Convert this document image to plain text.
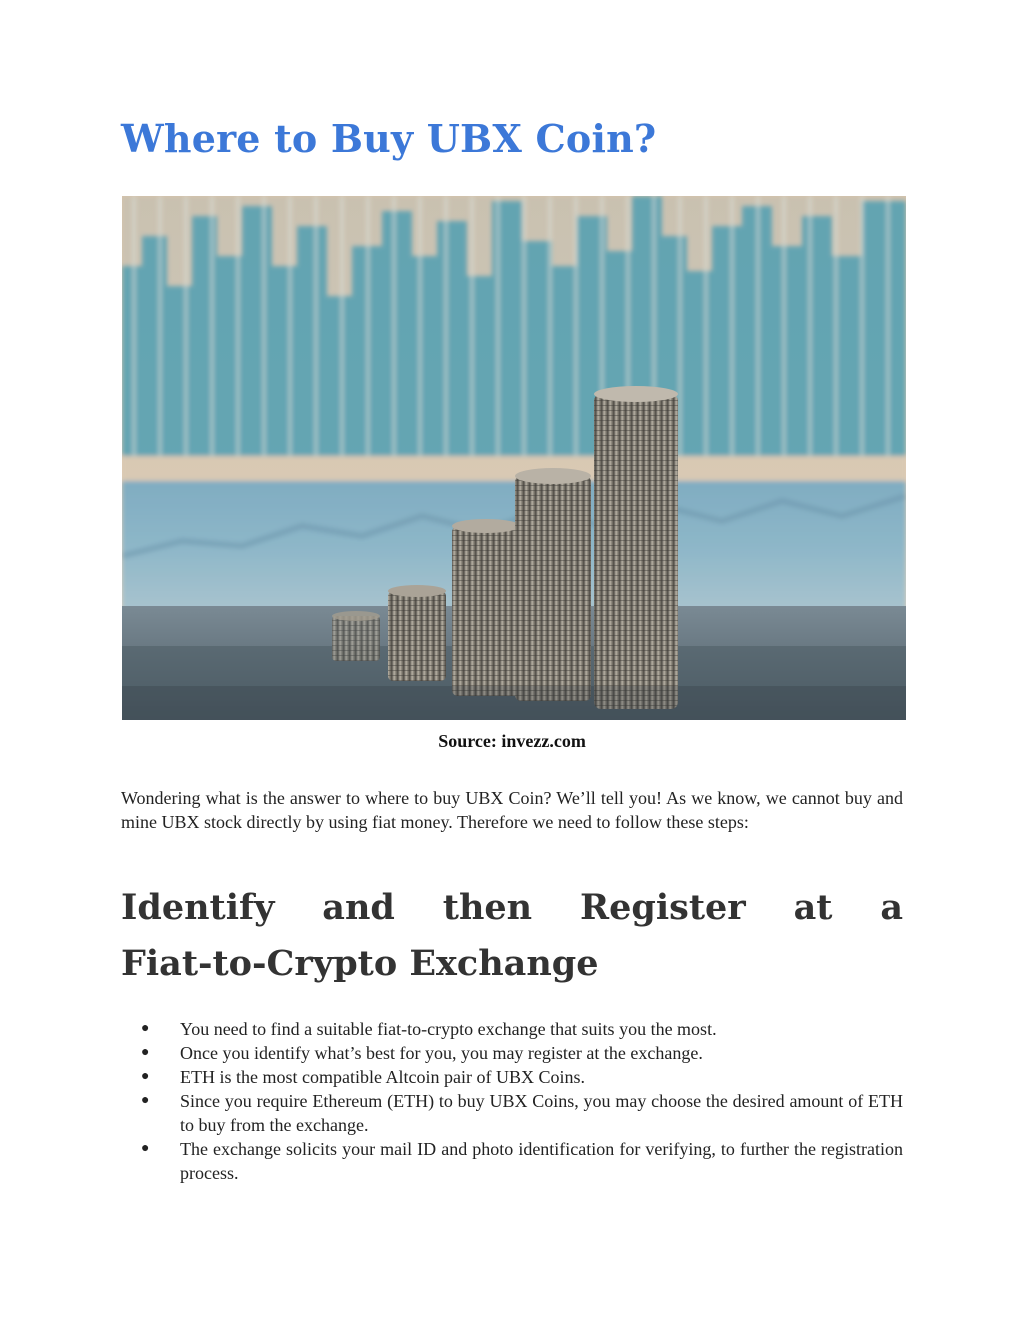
Where to Buy UBX Coin?
Source: invezz.com

Wondering what is the answer to where to buy UBX Coin? We’ll tell you! As we know, we cannot buy and mine UBX stock directly by using fiat money. Therefore we need to follow these steps:

Identify and then Register at a
Fiat-to-Crypto Exchange
● You need to find a suitable fiat-to-crypto exchange that suits you the most.
● Once you identify what’s best for you, you may register at the exchange.
● ETH is the most compatible Altcoin pair of UBX Coins.
● Since you require Ethereum (ETH) to buy UBX Coins, you may choose the desired amount of ETH to buy from the exchange.
● The exchange solicits your mail ID and photo identification for verifying, to further the registration process.
